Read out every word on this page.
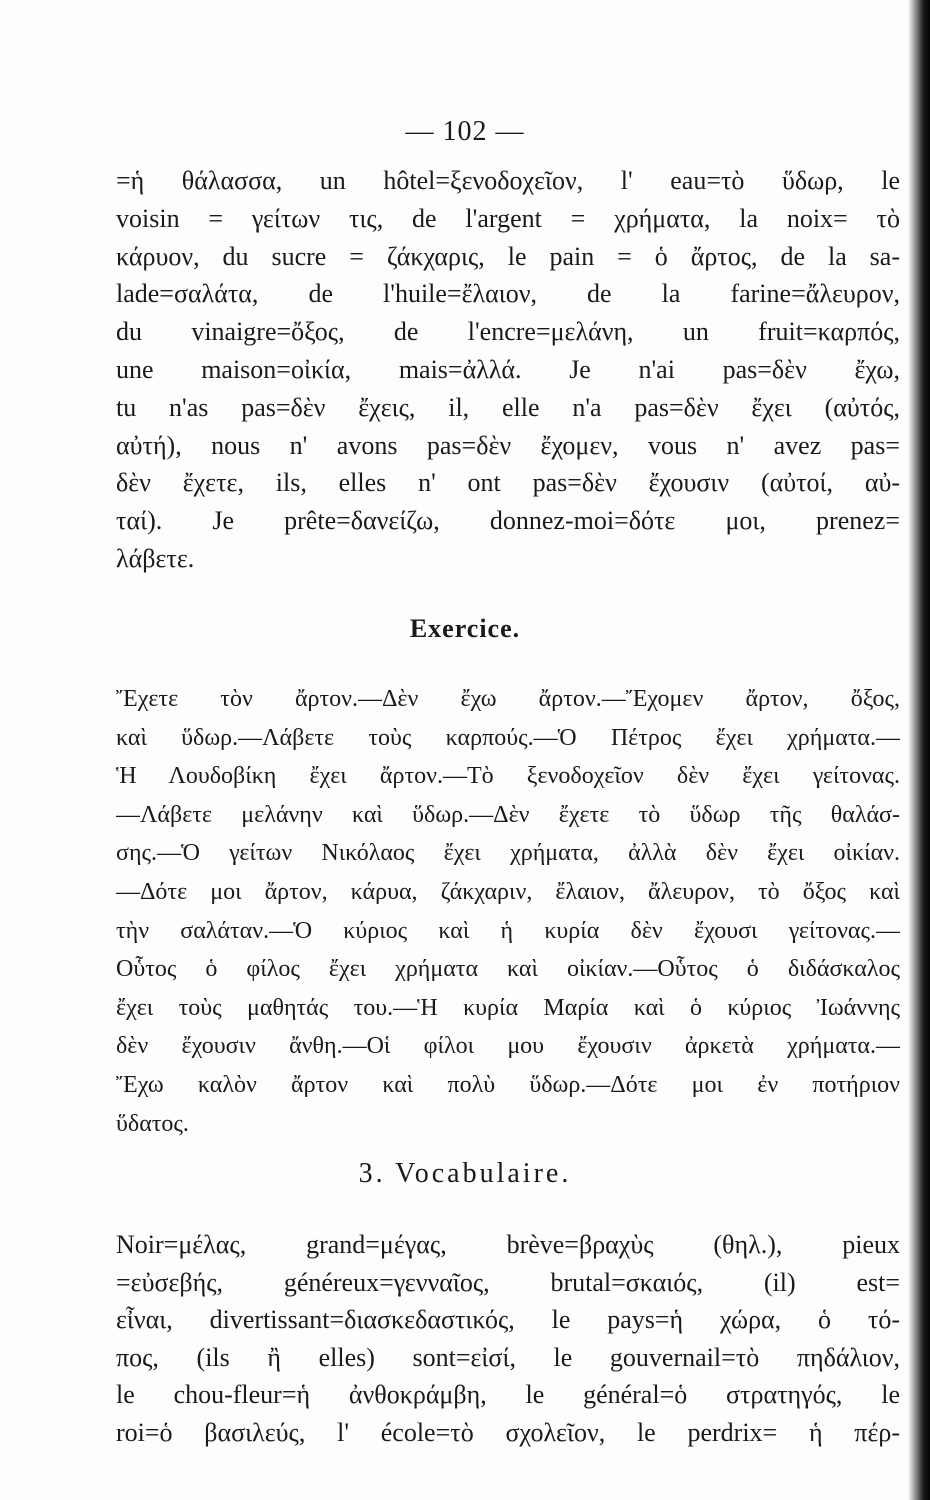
— 102 —
=ἡ θάλασσα, un hôtel=ξενοδοχεῖον, l' eau=τὸ ὕδωρ, le
voisin = γείτων τις, de l'argent = χρήματα, la noix= τὸ
κάρυον, du sucre = ζάκχαρις, le pain = ὁ ἄρτος, de la sa-
lade=σαλάτα, de l'huile=ἔλαιον, de la farine=ἄλευρον,
du vinaigre=ὄξος, de l'encre=μελάνη, un fruit=καρπός,
une maison=οἰκία, mais=ἀλλά. Je n'ai pas=δὲν ἔχω,
tu n'as pas=δὲν ἔχεις, il, elle n'a pas=δὲν ἔχει (αὐτός,
αὐτή), nous n' avons pas=δὲν ἔχομεν, vous n' avez pas=
δὲν ἔχετε, ils, elles n' ont pas=δὲν ἔχουσιν (αὐτοί, αὐ-
ταί). Je prête=δανείζω, donnez-moi=δότε μοι, prenez=
λάβετε.
Exercice.
Ἔχετε τὸν ἄρτον.—Δὲν ἔχω ἄρτον.—Ἔχομεν ἄρτον, ὄξος,
καὶ ὕδωρ.—Λάβετε τοὺς καρπούς.—Ὁ Πέτρος ἔχει χρήματα.—
Ἡ Λουδοβίκη ἔχει ἄρτον.—Τὸ ξενοδοχεῖον δὲν ἔχει γείτονας.
—Λάβετε μελάνην καὶ ὕδωρ.—Δὲν ἔχετε τὸ ὕδωρ τῆς θαλάσ-
σης.—Ὁ γείτων Νικόλαος ἔχει χρήματα, ἀλλὰ δὲν ἔχει οἰκίαν.
—Δότε μοι ἄρτον, κάρυα, ζάκχαριν, ἔλαιον, ἄλευρον, τὸ ὄξος καὶ
τὴν σαλάταν.—Ὁ κύριος καὶ ἡ κυρία δὲν ἔχουσι γείτονας.—
Οὗτος ὁ φίλος ἔχει χρήματα καὶ οἰκίαν.—Οὗτος ὁ διδάσκαλος
ἔχει τοὺς μαθητάς του.—Ἡ κυρία Μαρία καὶ ὁ κύριος Ἰωάννης
δὲν ἔχουσιν ἄνθη.—Οἱ φίλοι μου ἔχουσιν ἀρκετὰ χρήματα.—
Ἔχω καλὸν ἄρτον καὶ πολὺ ὕδωρ.—Δότε μοι ἐν ποτήριον
ὕδατος.
3. Vocabulaire.
Noir=μέλας, grand=μέγας, brève=βραχὺς (θηλ.), pieux
=εὐσεβής, généreux=γενναῖος, brutal=σκαιός, (il) est=
εἶναι, divertissant=διασκεδαστικός, le pays=ἡ χώρα, ὁ τό-
πος, (ils ἢ elles) sont=εἰσί, le gouvernail=τὸ πηδάλιον,
le chou-fleur=ἡ ἀνθοκράμβη, le général=ὁ στρατηγός, le
roi=ὁ βασιλεύς, l' école=τὸ σχολεῖον, le perdrix= ἡ πέρ-
